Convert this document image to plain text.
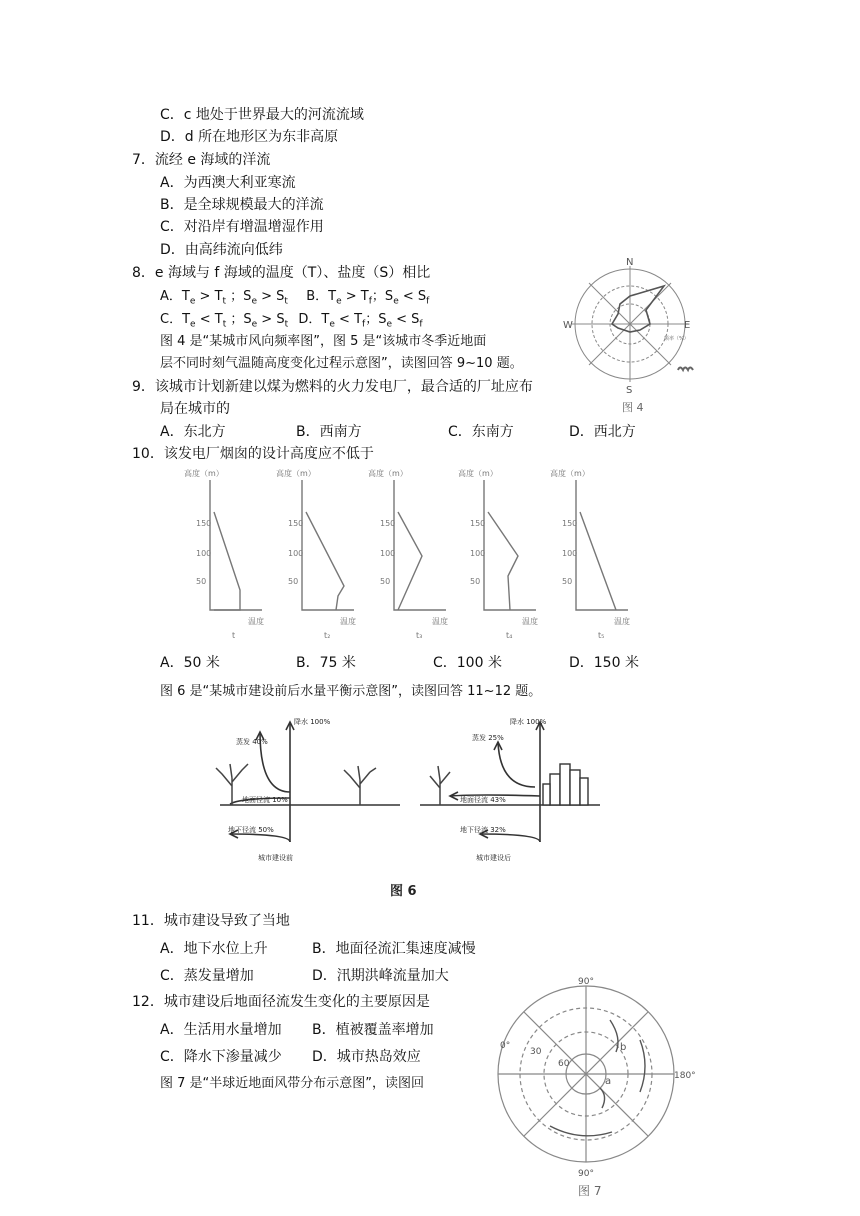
C．c 地处于世界最大的河流流域
D．d 所在地形区为东非高原
7．流经 e 海域的洋流
A．为西澳大利亚寒流
B．是全球规模最大的洋流
C．对沿岸有增温增湿作用
D．由高纬流向低纬
8．e 海域与 f 海域的温度（T）、盐度（S）相比
A．$T_e > T_t$ ；$S_e > S_t$ B．$T_e > T_f$；$S_e < S_f$
C．$T_e < T_t$ ；$S_e > S_t$ D．$T_e < T_f$；$S_e < S_f$
图 4 是“某城市风向频率图”，图 5 是“该城市冬季近地面
层不同时刻气温随高度变化过程示意图”，读图回答 9~10 题。
9．该城市计划新建以煤为燃料的火力发电厂，最合适的厂址应布
局在城市的
A．东北方	B．西南方	C．东南方	D．西北方
10．该发电厂烟囱的设计高度应不低于
A．50 米	B．75 米	C．100 米	D．150 米
图 6 是“某城市建设前后水量平衡示意图”，读图回答 11~12 题。
11．城市建设导致了当地
A．地下水位上升	B．地面径流汇集速度减慢
C．蒸发量增加	D．汛期洪峰流量加大
12．城市建设后地面径流发生变化的主要原因是
A．生活用水量增加 B．植被覆盖率增加
C．降水下渗量减少 D．城市热岛效应
图 7 是“半球近地面风带分布示意图”，读图回
N
S
W	E
频率（%）
图 4
150
100
50
高度（m）
温度
t
150
100
50
高度（m）
温度
t₂
150
100
50
高度（m）
温度
t₃
150
100
50
高度（m）
温度
t₄
150
100
50
高度（m）
温度
t₅
降水 100%
蒸发 40%
地面径流 10%
地下径流 50%
城市建设前
降水 100%
蒸发 25%
地面径流 43%
地下径流 32%
城市建设后
图 6
90°
90°
0°
180°
30
60
b
a
图 7
